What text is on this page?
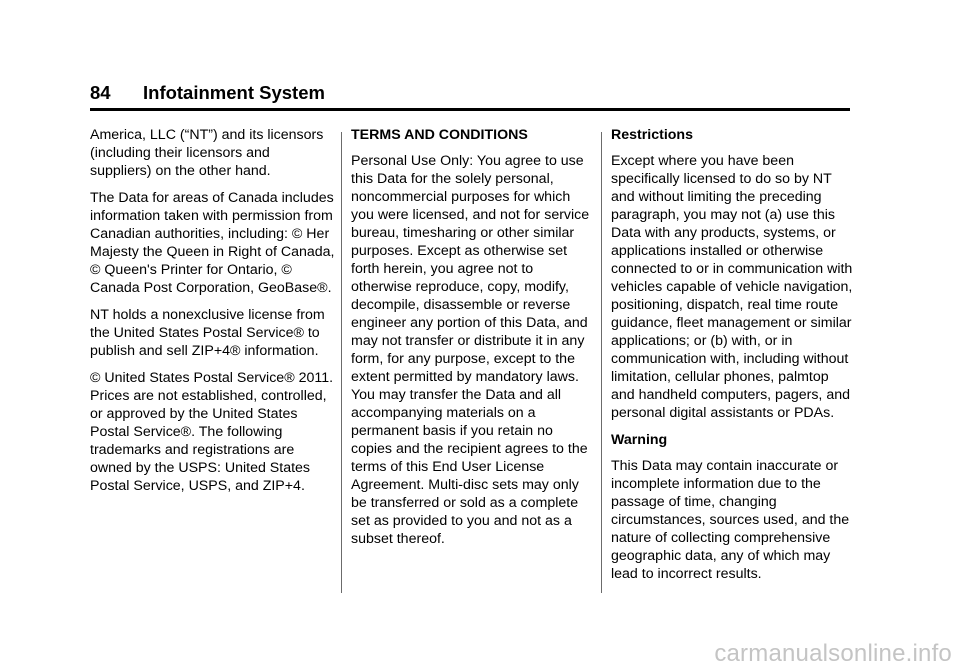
84 Infotainment System

America, LLC (“NT”) and its licensors (including their licensors and suppliers) on the other hand.

The Data for areas of Canada includes information taken with permission from Canadian authorities, including: © Her Majesty the Queen in Right of Canada, © Queen's Printer for Ontario, © Canada Post Corporation, GeoBase®.

NT holds a nonexclusive license from the United States Postal Service® to publish and sell ZIP+4® information.

© United States Postal Service® 2011. Prices are not established, controlled, or approved by the United States Postal Service®. The following trademarks and registrations are owned by the USPS: United States Postal Service, USPS, and ZIP+4.

TERMS AND CONDITIONS

Personal Use Only: You agree to use this Data for the solely personal, noncommercial purposes for which you were licensed, and not for service bureau, timesharing or other similar purposes. Except as otherwise set forth herein, you agree not to otherwise reproduce, copy, modify, decompile, disassemble or reverse engineer any portion of this Data, and may not transfer or distribute it in any form, for any purpose, except to the extent permitted by mandatory laws. You may transfer the Data and all accompanying materials on a permanent basis if you retain no copies and the recipient agrees to the terms of this End User License Agreement. Multi-disc sets may only be transferred or sold as a complete set as provided to you and not as a subset thereof.

Restrictions

Except where you have been specifically licensed to do so by NT and without limiting the preceding paragraph, you may not (a) use this Data with any products, systems, or applications installed or otherwise connected to or in communication with vehicles capable of vehicle navigation, positioning, dispatch, real time route guidance, fleet management or similar applications; or (b) with, or in communication with, including without limitation, cellular phones, palmtop and handheld computers, pagers, and personal digital assistants or PDAs.

Warning

This Data may contain inaccurate or incomplete information due to the passage of time, changing circumstances, sources used, and the nature of collecting comprehensive geographic data, any of which may lead to incorrect results.

carmanualsonline.info
